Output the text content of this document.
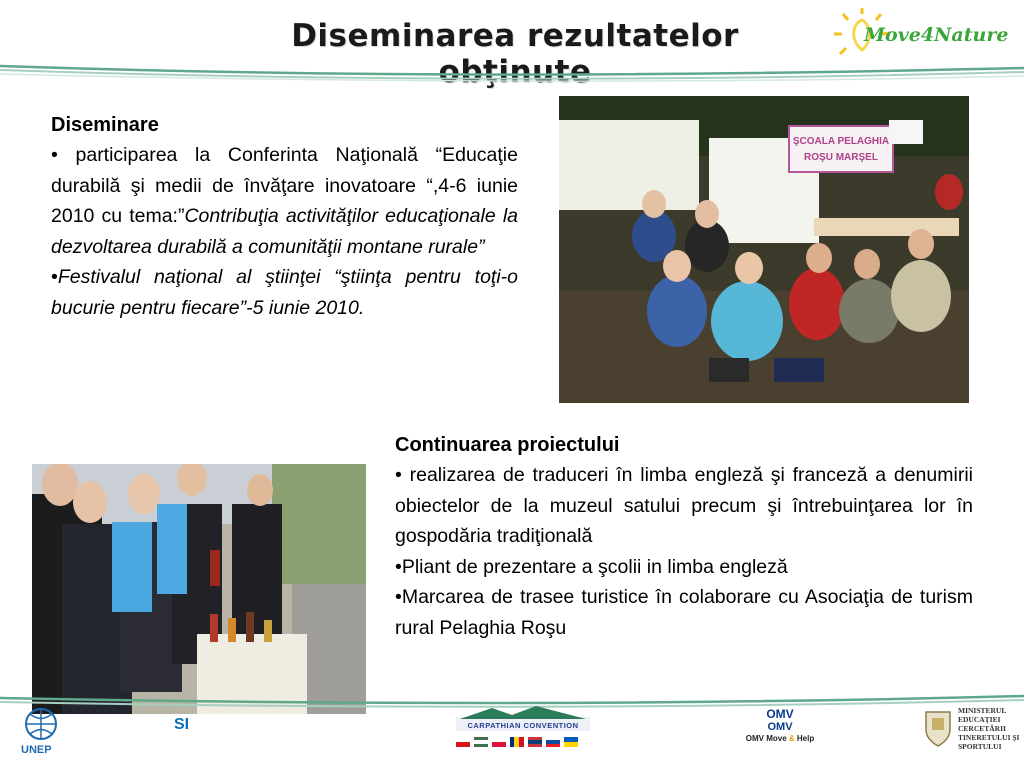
Diseminarea rezultatelor obţinute
Move4Nature
Diseminare

• participarea la Conferinta Naţională “Educaţie durabilă şi medii de învăţare inovatoare “,4-6 iunie 2010 cu tema:”Contribuţia activităţilor educaţionale la dezvoltarea durabilă a comunităţii montane rurale”

•Festivalul naţional al ştiinţei “ştiinţa pentru toţi-o bucurie pentru fiecare”-5 iunie 2010.

ŞCOALA PELAGHIA
ROŞU MARŞEL
Continuarea proiectului

• realizarea de traduceri în limba engleză şi franceză a denumirii obiectelor de la muzeul satului precum şi întrebuinţarea lor în gospodăria tradiţională

•Pliant de prezentare a şcolii in limba engleză

•Marcarea de trasee turistice în colaborare cu Asociaţia de turism rural Pelaghia Roşu

UNEP
SI	CARPATHIAN CONVENTION
OMV
OMV
OMV Move & Help
MINISTERUL EDUCAŢIEI CERCETĂRII TINERETULUI ŞI SPORTULUI
